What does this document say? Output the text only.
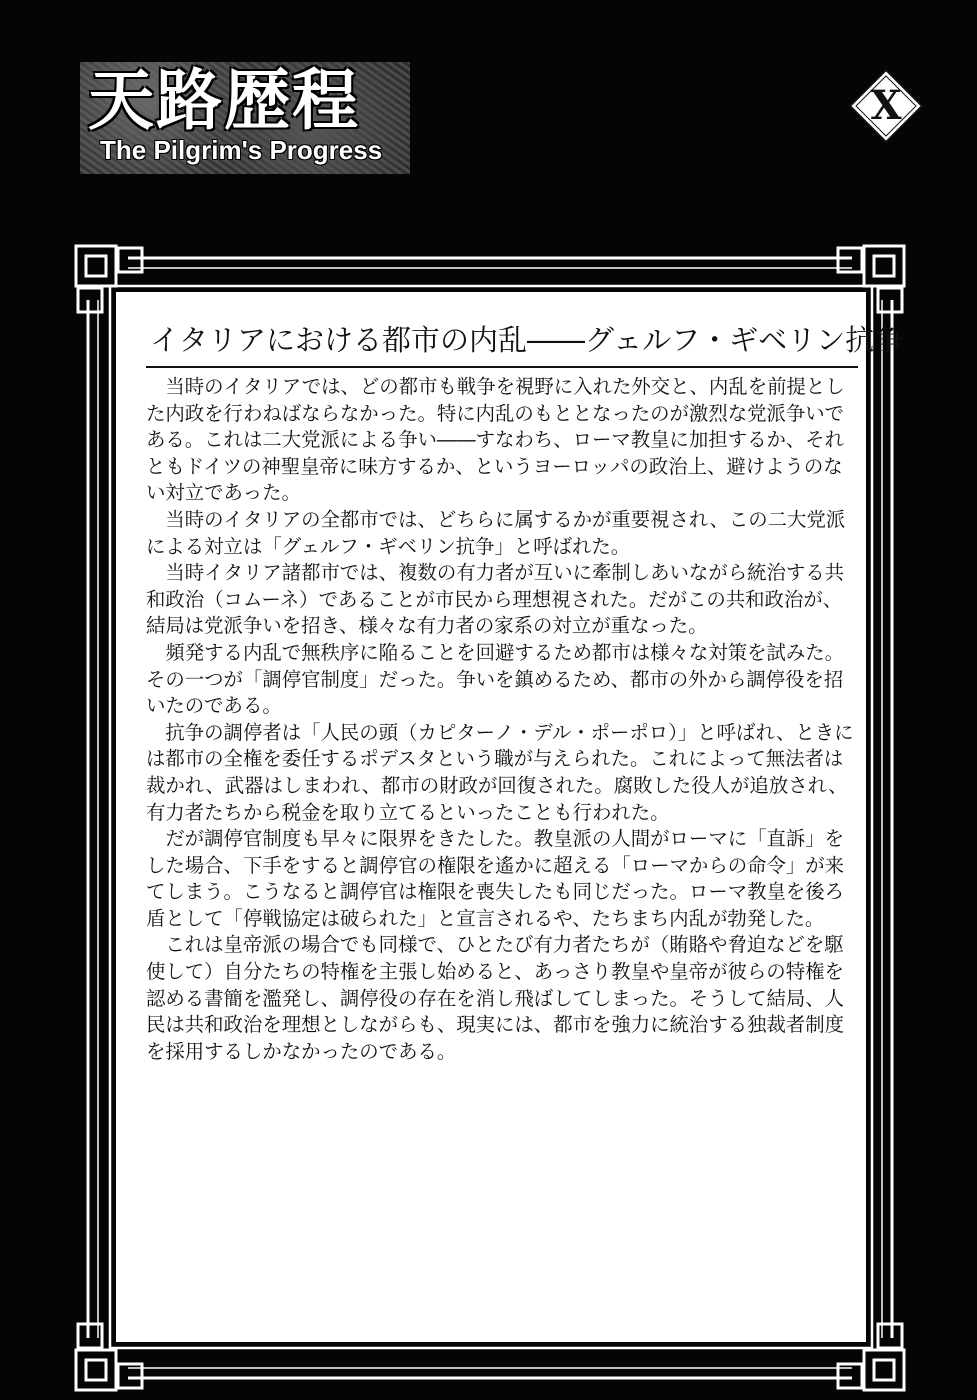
天路歴程
The Pilgrim's Progress
X
イタリアにおける都市の内乱――グェルフ・ギベリン抗争

当時のイタリアでは、どの都市も戦争を視野に入れた外交と、内乱を前提とした内政を行わねばならなかった。特に内乱のもととなったのが激烈な党派争いである。これは二大党派による争い――すなわち、ローマ教皇に加担するか、それともドイツの神聖皇帝に味方するか、というヨーロッパの政治上、避けようのない対立であった。

当時のイタリアの全都市では、どちらに属するかが重要視され、この二大党派による対立は「グェルフ・ギベリン抗争」と呼ばれた。

当時イタリア諸都市では、複数の有力者が互いに牽制しあいながら統治する共和政治（コムーネ）であることが市民から理想視された。だがこの共和政治が、結局は党派争いを招き、様々な有力者の家系の対立が重なった。

頻発する内乱で無秩序に陥ることを回避するため都市は様々な対策を試みた。その一つが「調停官制度」だった。争いを鎮めるため、都市の外から調停役を招いたのである。

抗争の調停者は「人民の頭（カピターノ・デル・ポーポロ）」と呼ばれ、ときには都市の全権を委任するポデスタという職が与えられた。これによって無法者は裁かれ、武器はしまわれ、都市の財政が回復された。腐敗した役人が追放され、有力者たちから税金を取り立てるといったことも行われた。

だが調停官制度も早々に限界をきたした。教皇派の人間がローマに「直訴」をした場合、下手をすると調停官の権限を遙かに超える「ローマからの命令」が来てしまう。こうなると調停官は権限を喪失したも同じだった。ローマ教皇を後ろ盾として「停戦協定は破られた」と宣言されるや、たちまち内乱が勃発した。

これは皇帝派の場合でも同様で、ひとたび有力者たちが（賄賂や脅迫などを駆使して）自分たちの特権を主張し始めると、あっさり教皇や皇帝が彼らの特権を認める書簡を濫発し、調停役の存在を消し飛ばしてしまった。そうして結局、人民は共和政治を理想としながらも、現実には、都市を強力に統治する独裁者制度を採用するしかなかったのである。
